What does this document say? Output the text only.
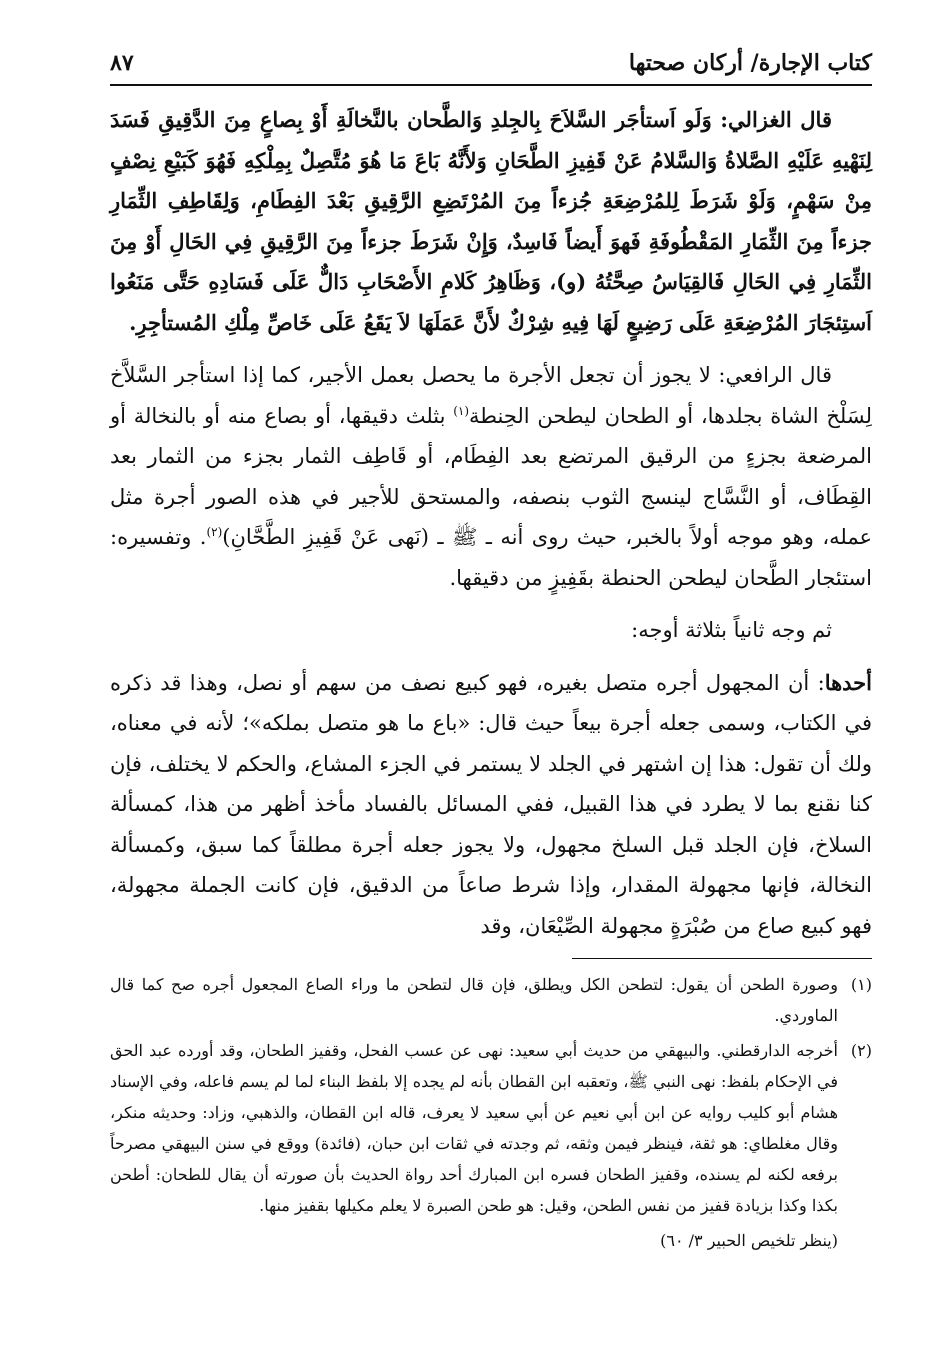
كتاب الإجارة/ أركان صحتها
٨٧

قال الغزالي: وَلَو اَستأجَر السَّلاَحَ بِالجِلدِ وَالطَّحان بالنَّخالَةِ أَوْ بِصاعٍ مِنَ الدَّقِيقِ فَسَدَ لِنَهْيهِ عَلَيْهِ الصَّلاةُ وَالسَّلامُ عَنْ قَفِيزِ الطَّحَانِ وَلأَنَّهُ بَاعَ مَا هُوَ مُتَّصِلٌ بِمِلْكِهِ فَهُوَ كَبَيْعِ نِصْفٍ مِنْ سَهْمٍ، وَلَوْ شَرَطَ لِلمُرْضِعَةِ جُزءاً مِنَ المُرْتَضِعِ الرَّقِيقِ بَعْدَ الفِطَامِ، وَلِقَاطِفِ الثِّمَارِ جزءاً مِنَ الثِّمَارِ المَقْطُوفَةِ فَهوَ أَيضاً فَاسِدٌ، وَإِنْ شَرَطَ جزءاً مِنَ الرَّقِيقِ فِي الحَالِ أَوْ مِنَ الثِّمَارِ فِي الحَالِ فَالقِيَاسُ صِحَّتُهُ (و)، وَظَاهِرُ كَلامِ الأَصْحَابِ دَالٌّ عَلَى فَسَادِهِ حَتَّى مَنَعُوا اَستِئجَارَ المُرْضِعَةِ عَلَى رَضِيعٍ لَهَا فِيهِ شِرْكٌ لأَنَّ عَمَلَهَا لاَ يَقَعُ عَلَى خَاصِّ مِلْكِ المُستأجِرِ.

قال الرافعي: لا يجوز أن تجعل الأجرة ما يحصل بعمل الأجير، كما إذا استأجر السَّلاَّخ لِسَلْخ الشاة بجلدها، أو الطحان ليطحن الحِنطة$^{(١)}$ بثلث دقيقها، أو بصاع منه أو بالنخالة أو المرضعة بجزءٍ من الرقيق المرتضع بعد الفِطَام، أو قَاطِف الثمار بجزء من الثمار بعد القِطَاف، أو النَّسَّاج لينسج الثوب بنصفه، والمستحق للأجير في هذه الصور أجرة مثل عمله، وهو موجه أولاً بالخبر، حيث روى أنه ـ ﷺ ـ (نَهى عَنْ قَفِيزِ الطَّحَّانِ)$^{(٢)}$. وتفسيره: استئجار الطَّحان ليطحن الحنطة بقَفِيزٍ من دقيقها.

ثم وجه ثانياً بثلاثة أوجه:

أحدها: أن المجهول أجره متصل بغيره، فهو كبيع نصف من سهم أو نصل، وهذا قد ذكره في الكتاب، وسمى جعله أجرة بيعاً حيث قال: «باع ما هو متصل بملكه»؛ لأنه في معناه، ولك أن تقول: هذا إن اشتهر في الجلد لا يستمر في الجزء المشاع، والحكم لا يختلف، فإن كنا نقنع بما لا يطرد في هذا القبيل، ففي المسائل بالفساد مأخذ أظهر من هذا، كمسألة السلاخ، فإن الجلد قبل السلخ مجهول، ولا يجوز جعله أجرة مطلقاً كما سبق، وكمسألة النخالة، فإنها مجهولة المقدار، وإذا شرط صاعاً من الدقيق، فإن كانت الجملة مجهولة، فهو كبيع صاع من صُبْرَةٍ مجهولة الصِّيْعَان، وقد

(١)
وصورة الطحن أن يقول: لتطحن الكل ويطلق، فإن قال لتطحن ما وراء الصاع المجعول أجره صح كما قال الماوردي.
(٢)
أخرجه الدارقطني. والبيهقي من حديث أبي سعيد: نهى عن عسب الفحل، وقفيز الطحان، وقد أورده عبد الحق في الإحكام بلفظ: نهى النبي ﷺ، وتعقبه ابن القطان بأنه لم يجده إلا بلفظ البناء لما لم يسم فاعله، وفي الإسناد هشام أبو كليب روايه عن ابن أبي نعيم عن أبي سعيد لا يعرف، قاله ابن القطان، والذهبي، وزاد: وحديثه منكر، وقال مغلطاي: هو ثقة، فينظر فيمن وثقه، ثم وجدته في ثقات ابن حبان، (فائدة) ووقع في سنن البيهقي مصرحاً برفعه لكنه لم يسنده، وقفيز الطحان فسره ابن المبارك أحد رواة الحديث بأن صورته أن يقال للطحان: أطحن بكذا وكذا بزيادة قفيز من نفس الطحن، وقيل: هو طحن الصبرة لا يعلم مكيلها بقفيز منها.
(ينظر تلخيص الحبير ٣/ ٦٠)
